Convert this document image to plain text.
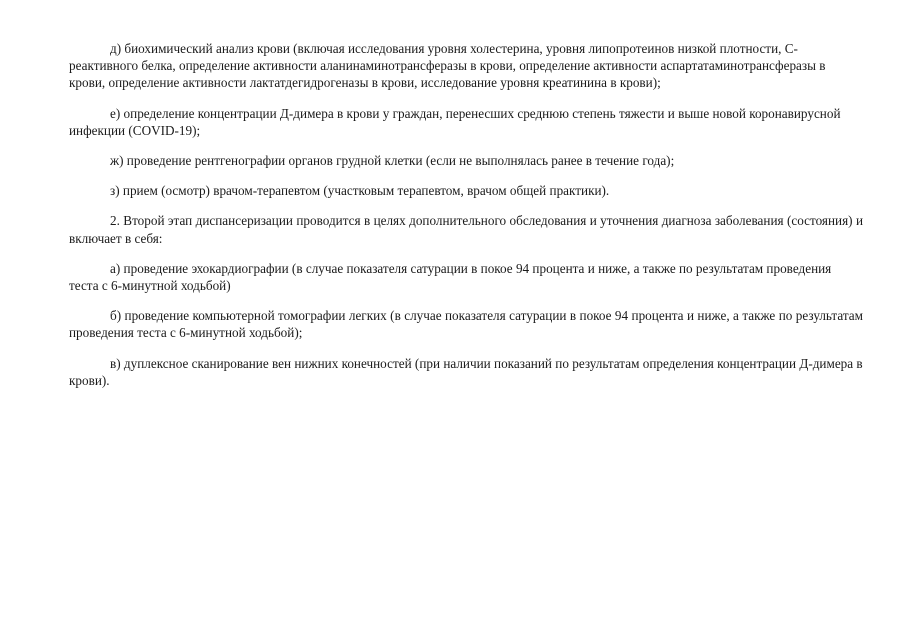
д) биохимический анализ крови (включая исследования уровня холестерина, уровня липопротеинов низкой плотности, С-реактивного белка, определение активности аланинаминотрансферазы в крови, определение активности аспартатаминотрансферазы в крови, определение активности лактатдегидрогеназы в крови, исследование уровня креатинина в крови);

е) определение концентрации Д-димера в крови у граждан, перенесших среднюю степень тяжести и выше новой коронавирусной инфекции (COVID-19);

ж) проведение рентгенографии органов грудной клетки (если не выполнялась ранее в течение года);

з) прием (осмотр) врачом-терапевтом (участковым терапевтом, врачом общей практики).

2. Второй этап диспансеризации проводится в целях дополнительного обследования и уточнения диагноза заболевания (состояния) и включает в себя:

а) проведение эхокардиографии (в случае показателя сатурации в покое 94 процента и ниже, а также по результатам проведения теста с 6-минутной ходьбой)

б) проведение компьютерной томографии легких (в случае показателя сатурации в покое 94 процента и ниже, а также по результатам проведения теста с 6-минутной ходьбой);

в) дуплексное сканирование вен нижних конечностей (при наличии показаний по результатам определения концентрации Д-димера в крови).
